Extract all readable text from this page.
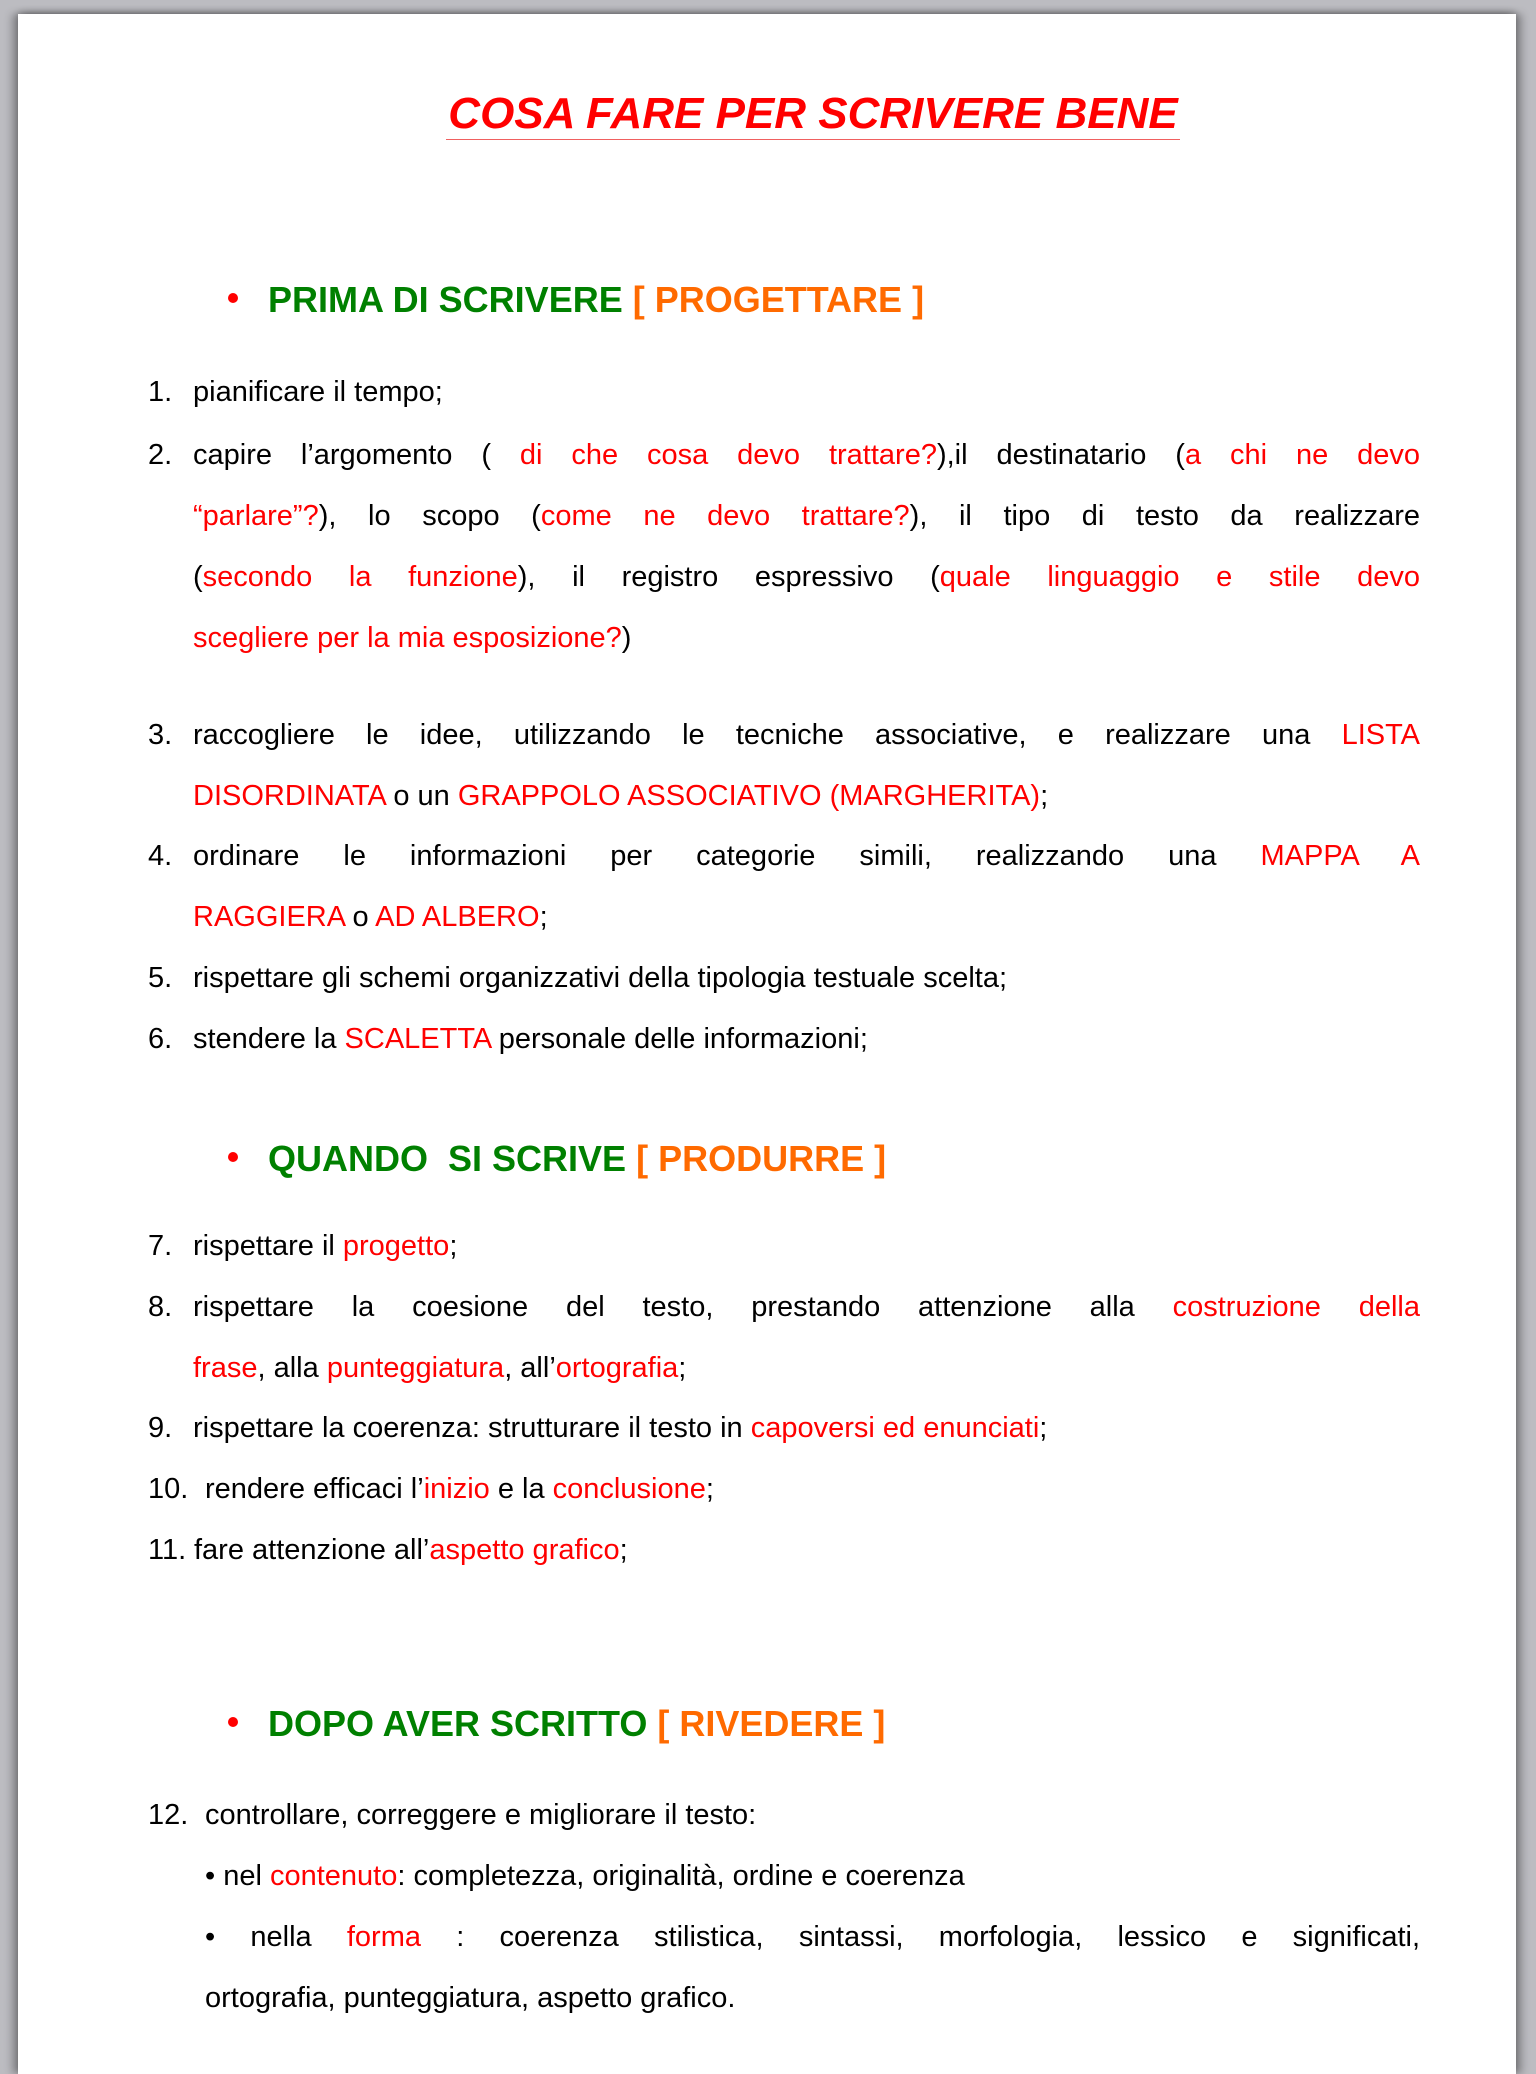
COSA FARE PER SCRIVERE BENE
PRIMA DI SCRIVERE [ PROGETTARE ]
1. pianificare il tempo;
2. capire l’argomento ( di che cosa devo trattare?),il destinatario (a chi ne devo
“parlare”?), lo scopo (come ne devo trattare?), il tipo di testo da realizzare
(secondo la funzione), il registro espressivo (quale linguaggio e stile devo
scegliere per la mia esposizione?)
3. raccogliere le idee, utilizzando le tecniche associative, e realizzare una LISTA
DISORDINATA o un GRAPPOLO ASSOCIATIVO (MARGHERITA);
4. ordinare le informazioni per categorie simili, realizzando una MAPPA A
RAGGIERA o AD ALBERO;
5. rispettare gli schemi organizzativi della tipologia testuale scelta;
6. stendere la SCALETTA personale delle informazioni;
QUANDO  SI SCRIVE [ PRODURRE ]
7. rispettare il progetto;
8. rispettare la coesione del testo, prestando attenzione alla costruzione della
frase, alla punteggiatura, all’ortografia;
9. rispettare la coerenza: strutturare il testo in capoversi ed enunciati;
10. rendere efficaci l’inizio e la conclusione;
11. fare attenzione all’aspetto grafico;
DOPO AVER SCRITTO [ RIVEDERE ]
12. controllare, correggere e migliorare il testo:
• nel contenuto: completezza, originalità, ordine e coerenza
• nella forma : coerenza stilistica, sintassi, morfologia, lessico e significati,
ortografia, punteggiatura, aspetto grafico.
